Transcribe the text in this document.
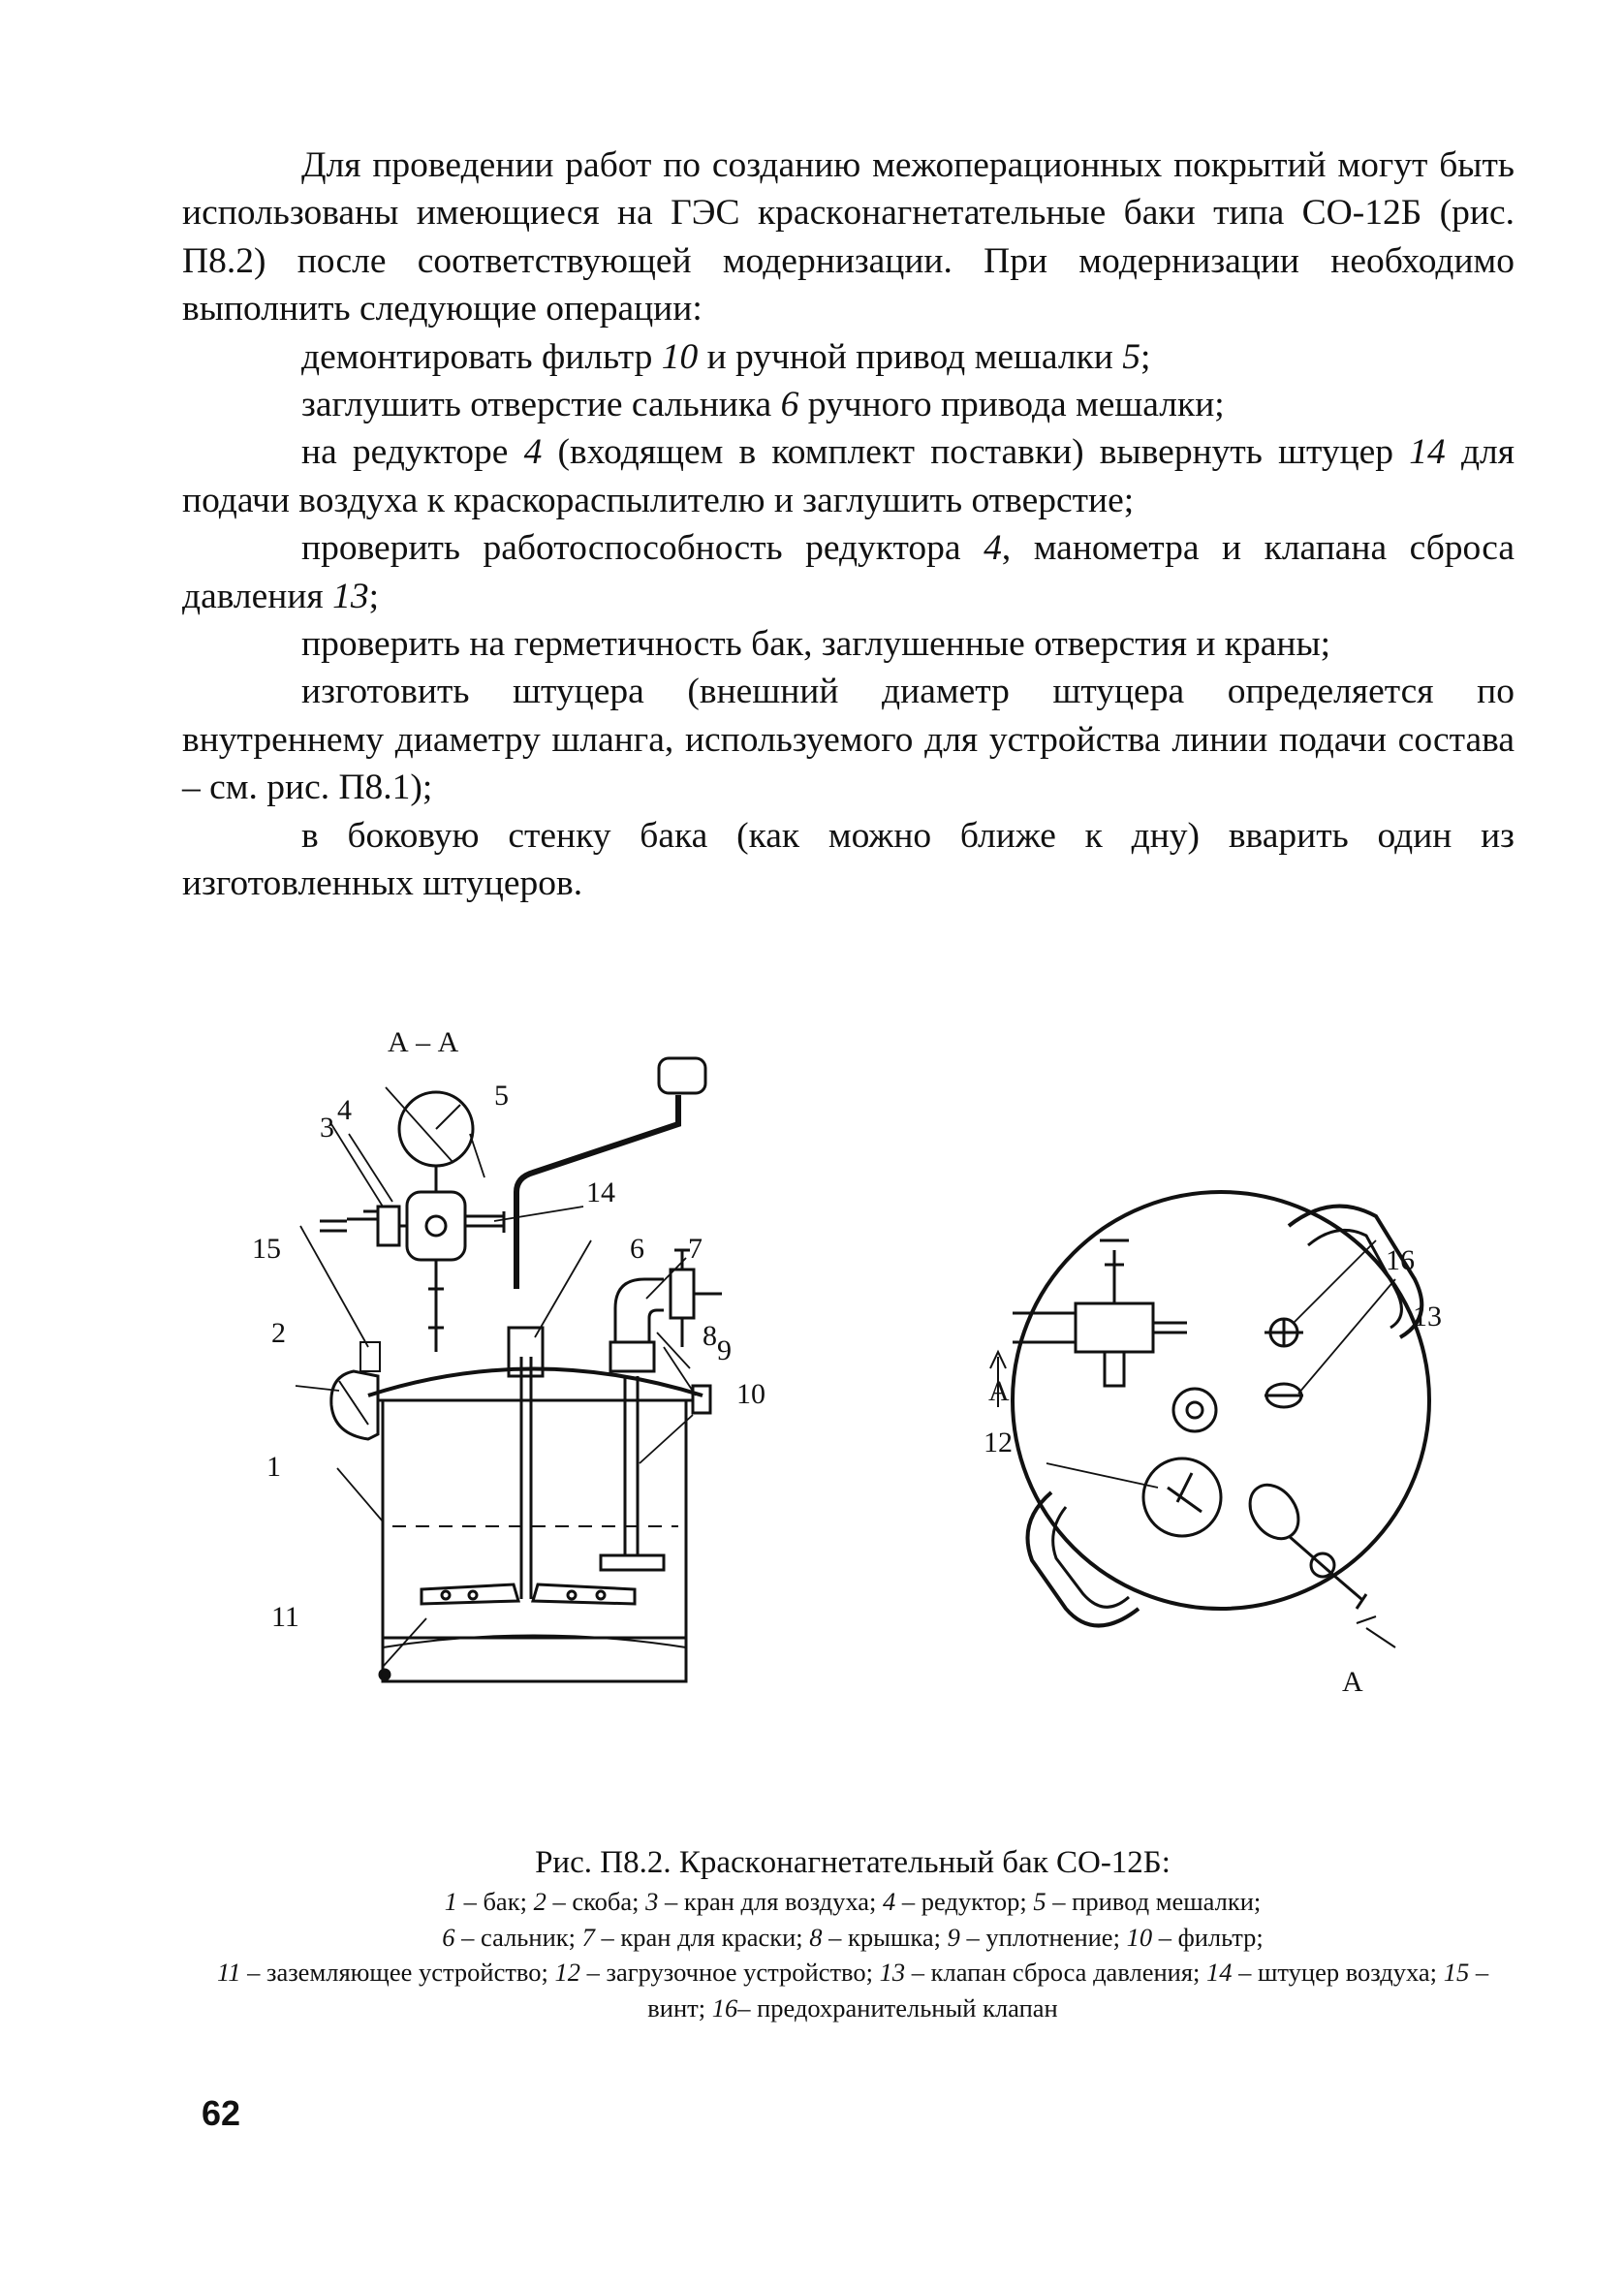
Для проведении работ по созданию межоперационных покрытий могут быть использованы имеющиеся на ГЭС краскoнагнетательные баки типа СО-12Б (рис. П8.2) после соответствующей модернизации. При модернизации необходимо выполнить следующие операции:

демонтировать фильтр 10 и ручной привод мешалки 5;

заглушить отверстие сальника 6 ручного привода мешалки;

на редукторе 4 (входящем в комплект поставки) вывернуть штуцер 14 для подачи воздуха к краскораспылителю и заглушить отверстие;

проверить работоспособность редуктора 4, манометра и клапана сброса давления 13;

проверить на герметичность бак, заглушенные отверстия и краны;

изготовить штуцера (внешний диаметр штуцера определяется по внутреннему диаметру шланга, используемого для устройства линии подачи состава – см. рис. П8.1);

в боковую стенку бака (как можно ближе к дну) вварить один из изготовленных штуцеров.

А – А
5
3
4
14
6 7
15
8 9
2
10
1
11
16
13
А
12
А
Рис. П8.2. Краскoнагнетательный бак СО-12Б:
1 – бак; 2 – скоба; 3 – кран для воздуха; 4 – редуктор; 5 – привод мешалки;
6 – сальник; 7 – кран для краски; 8 – крышка; 9 – уплотнение; 10 – фильтр;
11 – заземляющее устройство; 12 – загрузочное устройство; 13 – клапан сброса давления; 14 – штуцер воздуха; 15 – винт; 16– предохранительный клапан
62
